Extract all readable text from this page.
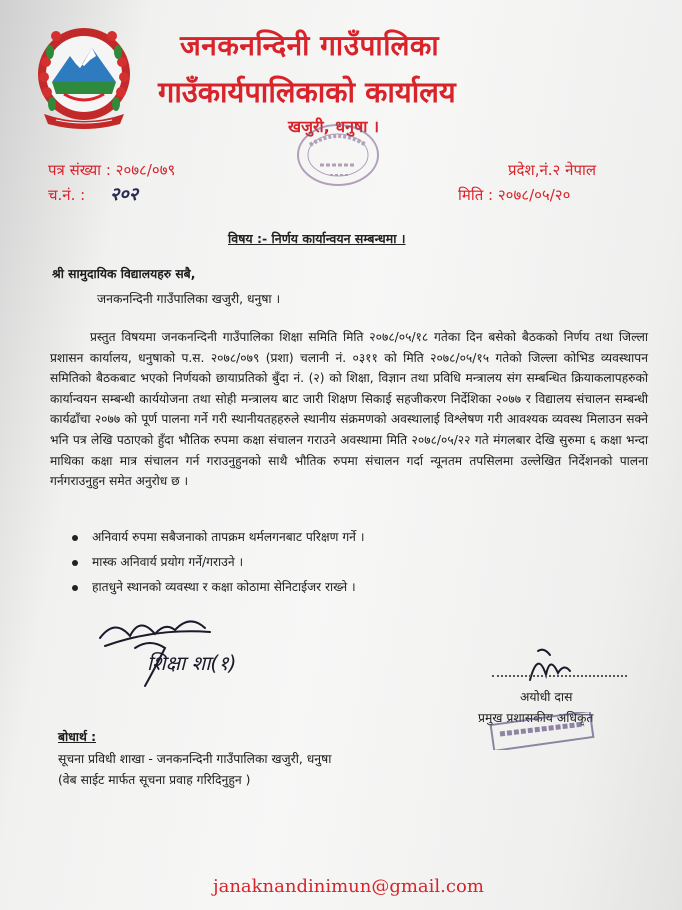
जनकनन्दिनी गाउँपालिका
गाउँकार्यपालिकाको कार्यालय
खजुरी, धनुषा ।
पत्र संख्या : २०७८/०७९
च.नं. : २०२
प्रदेश,नं.२ नेपाल
मिति : २०७८/०५/२०
विषय :- निर्णय कार्यान्वयन सम्बन्धमा ।
श्री सामुदायिक विद्यालयहरु सबै,
जनकनन्दिनी गाउँपालिका खजुरी, धनुषा ।
प्रस्तुत विषयमा जनकनन्दिनी गाउँपालिका शिक्षा समिति मिति २०७८/०५/१८ गतेका दिन बसेको बैठकको निर्णय तथा जिल्ला प्रशासन कार्यालय, धनुषाको प.स. २०७८/०७९ (प्रशा) चलानी नं. ०३११ को मिति २०७८/०५/१५ गतेको जिल्ला कोभिड व्यवस्थापन समितिको बैठकबाट भएको निर्णयको छायाप्रतिको बुँदा नं. (२) को शिक्षा, विज्ञान तथा प्रविधि मन्त्रालय संग सम्बन्धित क्रियाकलापहरुको कार्यान्वयन सम्बन्धी कार्ययोजना तथा सोही मन्त्रालय बाट जारी शिक्षण सिकाई सहजीकरण निर्देशिका २०७७ र विद्यालय संचालन सम्बन्धी कार्यढाँचा २०७७ को पूर्ण पालना गर्ने गरी स्थानीयतहहरुले स्थानीय संक्रमणको अवस्थालाई विश्लेषण गरी आवश्यक व्यवस्थ मिलाउन सक्ने भनि पत्र लेखि पठाएको हुँदा भौतिक रुपमा कक्षा संचालन गराउने अवस्थामा मिति २०७८/०५/२२ गते मंगलबार देखि सुरुमा ६ कक्षा भन्दा माथिका कक्षा मात्र संचालन गर्न गराउनुहुनको साथै भौतिक रुपमा संचालन गर्दा न्यूनतम तपसिलमा उल्लेखित निर्देशनको पालना गर्नगराउनुहुन समेत अनुरोध छ ।
अनिवार्य रुपमा सबैजनाको तापक्रम थर्मलगनबाट परिक्षण गर्ने ।
मास्क अनिवार्य प्रयोग गर्ने/गराउने ।
हातधुने स्थानको व्यवस्था र कक्षा कोठामा सेनिटाईजर राख्ने ।
शिक्षा शा(१)
अयोधी दास
प्रमुख प्रशासकीय अधिकृत
बोधार्थ :
सूचना प्रविधी शाखा - जनकनन्दिनी गाउँपालिका खजुरी, धनुषा
(वेब साईट मार्फत सूचना प्रवाह गरिदिनुहुन )
janaknandinimun@gmail.com
